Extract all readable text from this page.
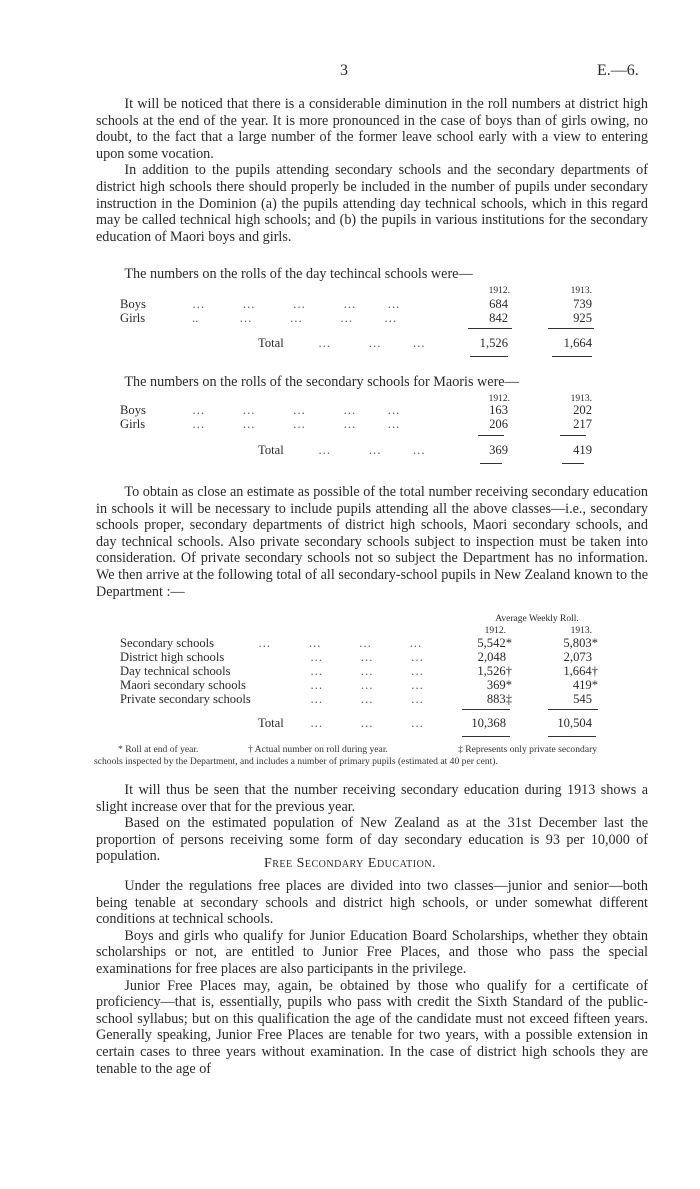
3	E.—6.

It will be noticed that there is a considerable diminution in the roll numbers at district high schools at the end of the year. It is more pronounced in the case of boys than of girls owing, no doubt, to the fact that a large number of the former leave school early with a view to entering upon some vocation.

In addition to the pupils attending secondary schools and the secondary departments of district high schools there should properly be included in the number of pupils under secondary instruction in the Dominion (a) the pupils attending day technical schools, which in this regard may be called technical high schools; and (b) the pupils in various institutions for the secondary education of Maori boys and girls.

The numbers on the rolls of the day techincal schools were—

1912.	1913.
Boys	…            …            …            …          …	684	739
Girls	..             …            …            …          …	842	925
Total	…            …          …	1,526	1,664

The numbers on the rolls of the secondary schools for Maoris were—

1912.	1913.
Boys	…            …            …            …          …	163	202
Girls	…            …            …            …          …	206	217
Total	…            …          …	369	419

To obtain as close an estimate as possible of the total number receiving secondary education in schools it will be necessary to include pupils attending all the above classes—i.e., secondary schools proper, secondary departments of district high schools, Maori secondary schools, and day technical schools. Also private secondary schools subject to inspection must be taken into consideration. Of private secondary schools not so subject the Department has no information. We then arrive at the following total of all secondary-school pupils in New Zealand known to the Department :—

Average Weekly Roll.
1912.	1913.
Secondary schools	…            …            …            …	5,542*	5,803*
District high schools	…            …            …	2,048	2,073
Day technical schools	…            …            …	1,526†	1,664†
Maori secondary schools	…            …            …	369*	419*
Private secondary schools	…            …            …	883‡	545
Total …            …            …	10,368	10,504
* Roll at end of year.	† Actual number on roll during year.	‡ Represents only private secondary
schools inspected by the Department, and includes a number of primary pupils (estimated at 40 per cent).

It will thus be seen that the number receiving secondary education during 1913 shows a slight increase over that for the previous year.

Based on the estimated population of New Zealand as at the 31st December last the proportion of persons receiving some form of day secondary education is 93 per 10,000 of population.	Free Secondary Education.

Under the regulations free places are divided into two classes—junior and senior—both being tenable at secondary schools and district high schools, or under somewhat different conditions at technical schools.

Boys and girls who qualify for Junior Education Board Scholarships, whether they obtain scholarships or not, are entitled to Junior Free Places, and those who pass the special examinations for free places are also participants in the privilege.

Junior Free Places may, again, be obtained by those who qualify for a certificate of proficiency—that is, essentially, pupils who pass with credit the Sixth Standard of the public-school syllabus; but on this qualification the age of the candidate must not exceed fifteen years. Generally speaking, Junior Free Places are tenable for two years, with a possible extension in certain cases to three years without examination. In the case of district high schools they are tenable to the age of
